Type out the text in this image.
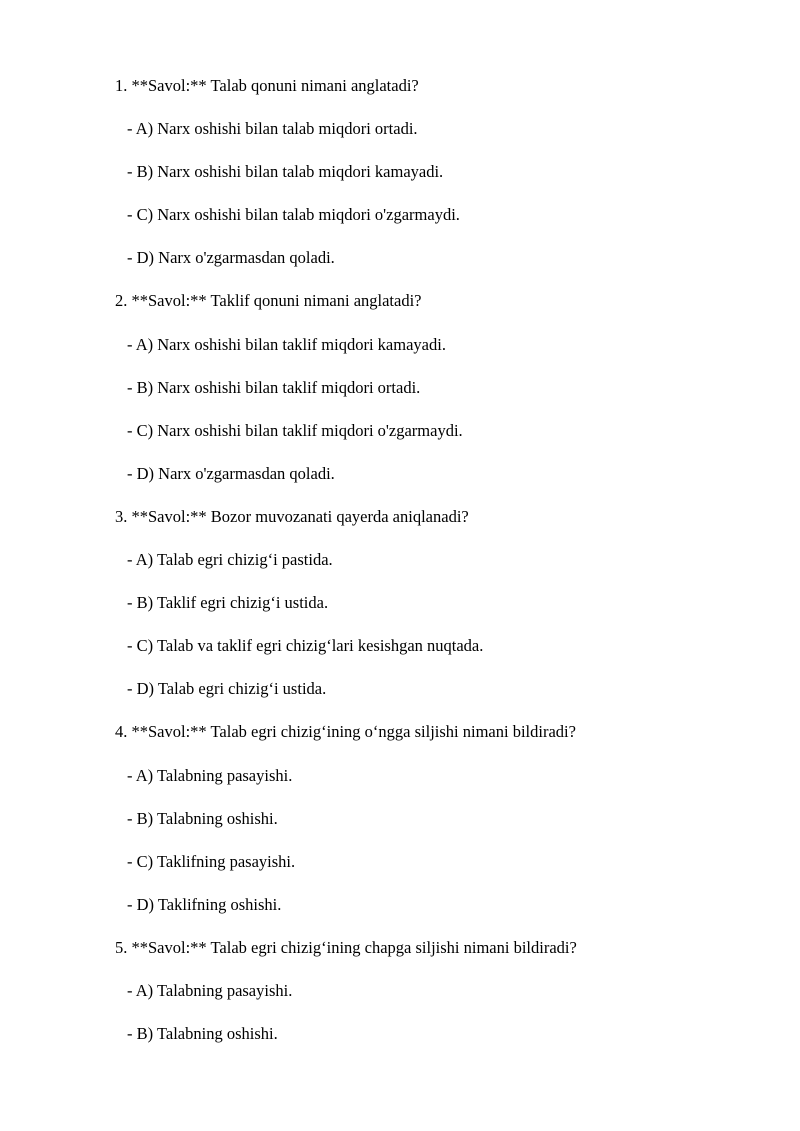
1. **Savol:** Talab qonuni nimani anglatadi?
- A) Narx oshishi bilan talab miqdori ortadi.
- B) Narx oshishi bilan talab miqdori kamayadi.
- C) Narx oshishi bilan talab miqdori o'zgarmaydi.
- D) Narx o'zgarmasdan qoladi.
2. **Savol:** Taklif qonuni nimani anglatadi?
- A) Narx oshishi bilan taklif miqdori kamayadi.
- B) Narx oshishi bilan taklif miqdori ortadi.
- C) Narx oshishi bilan taklif miqdori o'zgarmaydi.
- D) Narx o'zgarmasdan qoladi.
3. **Savol:** Bozor muvozanati qayerda aniqlanadi?
- A) Talab egri chizig‘i pastida.
- B) Taklif egri chizig‘i ustida.
- C) Talab va taklif egri chizig‘lari kesishgan nuqtada.
- D) Talab egri chizig‘i ustida.
4. **Savol:** Talab egri chizig‘ining o‘ngga siljishi nimani bildiradi?
- A) Talabning pasayishi.
- B) Talabning oshishi.
- C) Taklifning pasayishi.
- D) Taklifning oshishi.
5. **Savol:** Talab egri chizig‘ining chapga siljishi nimani bildiradi?
- A) Talabning pasayishi.
- B) Talabning oshishi.
